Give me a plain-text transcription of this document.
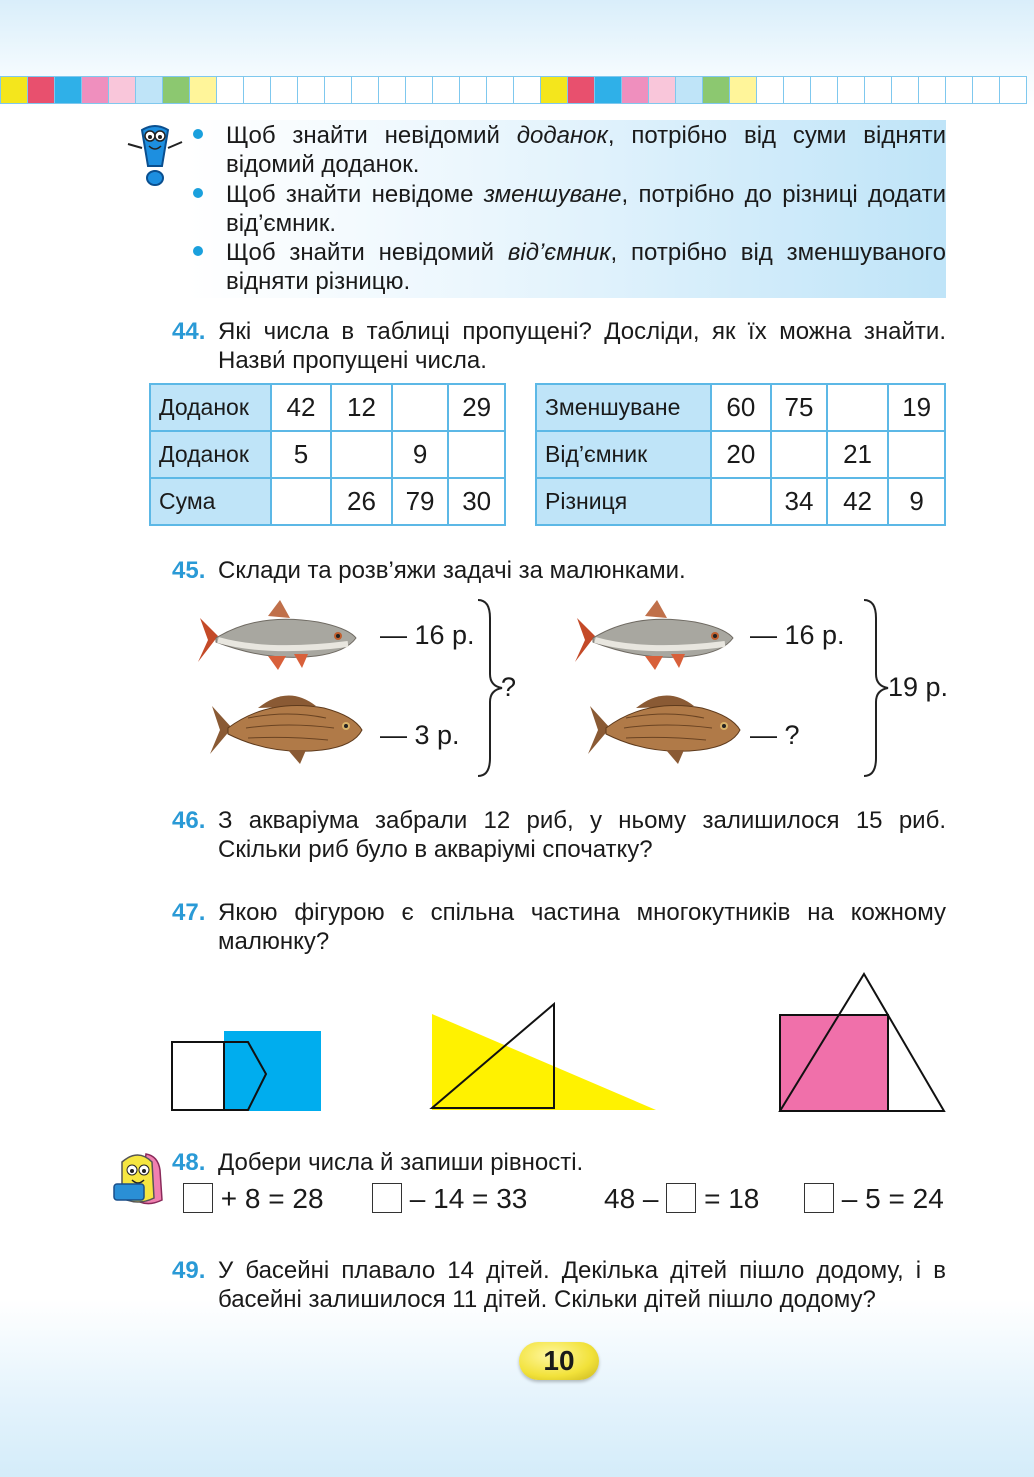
Щоб знайти невідомий доданок, потрібно від суми відняти відомий доданок.
Щоб знайти невідоме зменшуване, потрібно до різниці додати від’ємник.
Щоб знайти невідомий від’ємник, потрібно від зменшуваного відняти різницю.
44. Які числа в таблиці пропущені? Досліди, як їх можна знайти. Назви́ пропущені числа.
Доданок	42	12		29
Доданок	5		9	
Сума		26	79	30
Зменшуване	60	75		19
Від’ємник	20		21	
Різниця		34	42	9
45. Склади та розв’яжи задачі за малюнками.
— 16 р.
— 3 р.
?
— 16 р.
— ?
19 р.
46. З акваріума забрали 12 риб, у ньому залишилося 15 риб. Скільки риб було в акваріумі спочатку?
47. Якою фігурою є спільна частина многокутників на кожному малюнку?
48. Добери числа й запиши рівності.
+ 8 = 28	– 14 = 33	48 – = 18	– 5 = 24
49. У басейні плавало 14 дітей. Декілька дітей пішло додому, і в басейні залишилося 11 дітей. Скільки дітей пішло додому?
10
